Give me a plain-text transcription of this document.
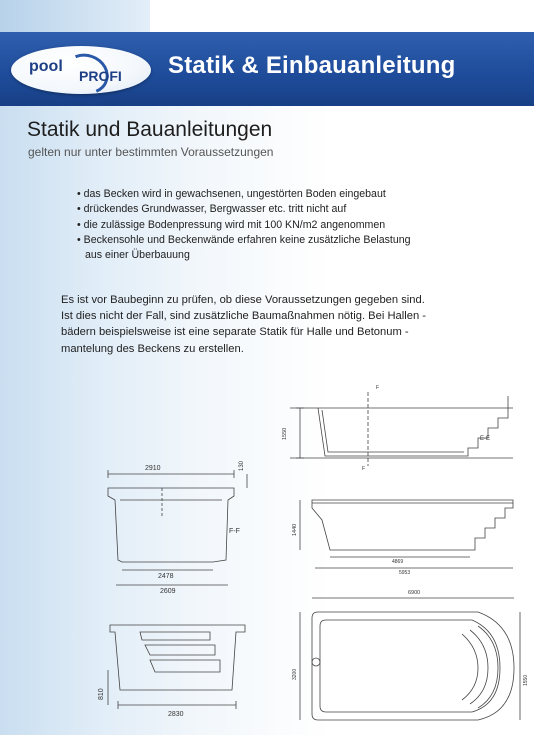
pool
PROFI Statik & Einbauanleitung
Statik und Bauanleitungen
gelten nur unter bestimmten Voraussetzungen
• das Becken wird in gewachsenen, ungestörten Boden eingebaut
• drückendes Grundwasser, Bergwasser etc. tritt nicht auf
• die zulässige Bodenpressung wird mit 100 KN/m2 angenommen
• Beckensohle und Beckenwände erfahren keine zusätzliche Belastung
aus einer Überbauung
Es ist vor Baubeginn zu prüfen, ob diese Voraussetzungen gegeben sind.
Ist dies nicht der Fall, sind zusätzliche Baumaßnahmen nötig. Bei Hallen -
bädern beispielsweise ist eine separate Statik für Halle und Betonum -
mantelung des Beckens zu erstellen.
1550	E-E
F
F
2910	130
F-F
2478
2609
1440
4869
5953
810
2830
6900
3200
1550
